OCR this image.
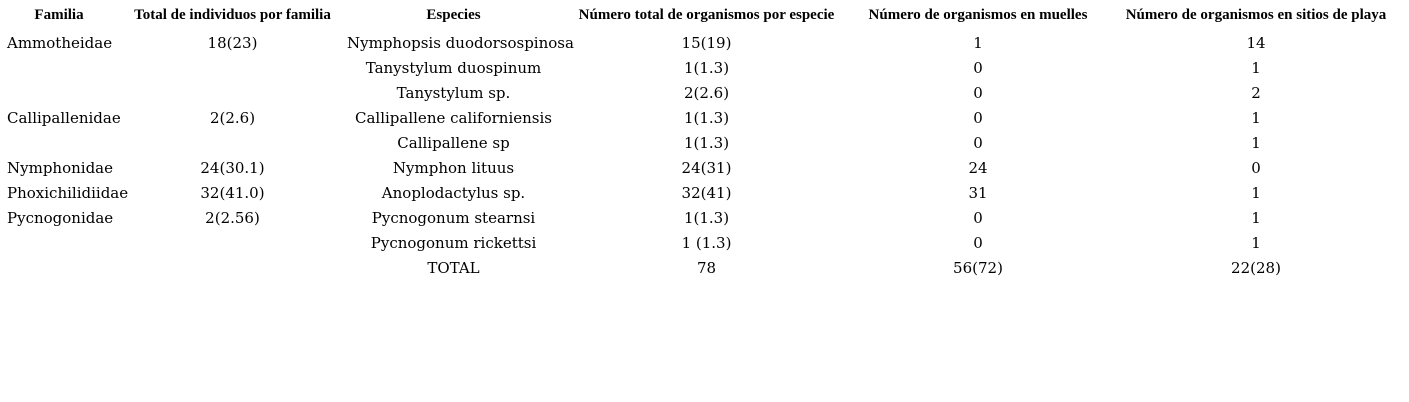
Familia	Total de individuos por familia	Especies	Número total de organismos por especie	Número de organismos en muelles	Número de organismos en sitios de playa
Ammotheidae	18(23)	Nymphopsis duodorsospinosa	15(19)	1	14
		Tanystylum duospinum	1(1.3)	0	1
		Tanystylum sp.	2(2.6)	0	2
Callipallenidae	2(2.6)	Callipallene californiensis	1(1.3)	0	1
		Callipallene sp	1(1.3)	0	1
Nymphonidae	24(30.1)	Nymphon lituus	24(31)	24	0
Phoxichilidiidae	32(41.0)	Anoplodactylus sp.	32(41)	31	1
Pycnogonidae	2(2.56)	Pycnogonum stearnsi	1(1.3)	0	1
		Pycnogonum rickettsi	1 (1.3)	0	1
		TOTAL	78	56(72)	22(28)
